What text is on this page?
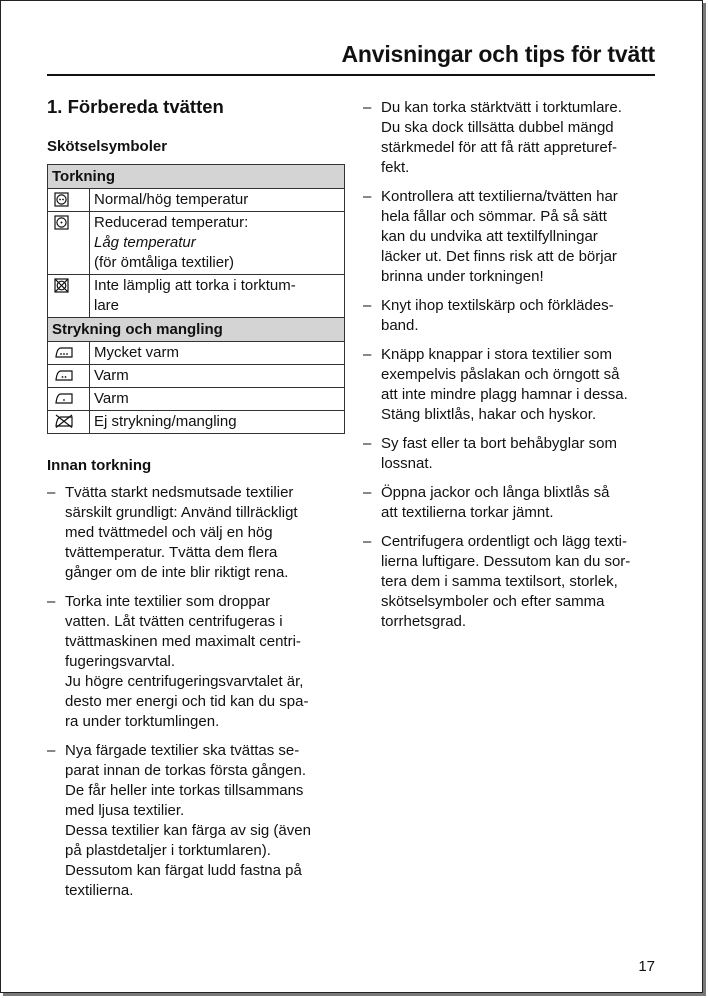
Anvisningar och tips för tvätt
1. Förbereda tvätten
Skötselsymboler
Torkning	

	Normal/hög temperatur

Reducerad temperatur:
Låg temperatur
(för ömtåliga textilier)

Inte lämplig att torka i torktum-
lare

Strykning och mangling	

	Mycket varm

	Varm

	Varm

	Ej strykning/mangling
Innan torkning
– Tvätta starkt nedsmutsade textilier
särskilt grundligt: Använd tillräckligt
med tvättmedel och välj en hög
tvättemperatur. Tvätta dem flera
gånger om de inte blir riktigt rena.
– Torka inte textilier som droppar
vatten. Låt tvätten centrifugeras i
tvättmaskinen med maximalt centri-
fugeringsvarvtal.
Ju högre centrifugeringsvarvtalet är,
desto mer energi och tid kan du spa-
ra under torktumlingen.
– Nya färgade textilier ska tvättas se-
parat innan de torkas första gången.
De får heller inte torkas tillsammans
med ljusa textilier.
Dessa textilier kan färga av sig (även
på plastdetaljer i torktumlaren).
Dessutom kan färgat ludd fastna på
textilierna.
– Du kan torka stärktvätt i torktumlare.
Du ska dock tillsätta dubbel mängd
stärkmedel för att få rätt appreturef-
fekt.
– Kontrollera att textilierna/tvätten har
hela fållar och sömmar. På så sätt
kan du undvika att textilfyllningar
läcker ut. Det finns risk att de börjar
brinna under torkningen!
– Knyt ihop textilskärp och förklädes-
band.
– Knäpp knappar i stora textilier som
exempelvis påslakan och örngott så
att inte mindre plagg hamnar i dessa.
Stäng blixtlås, hakar och hyskor.
– Sy fast eller ta bort behåbyglar som
lossnat.
– Öppna jackor och långa blixtlås så
att textilierna torkar jämnt.
– Centrifugera ordentligt och lägg texti-
lierna luftigare. Dessutom kan du sor-
tera dem i samma textilsort, storlek,
skötselsymboler och efter samma
torrhetsgrad.
17
